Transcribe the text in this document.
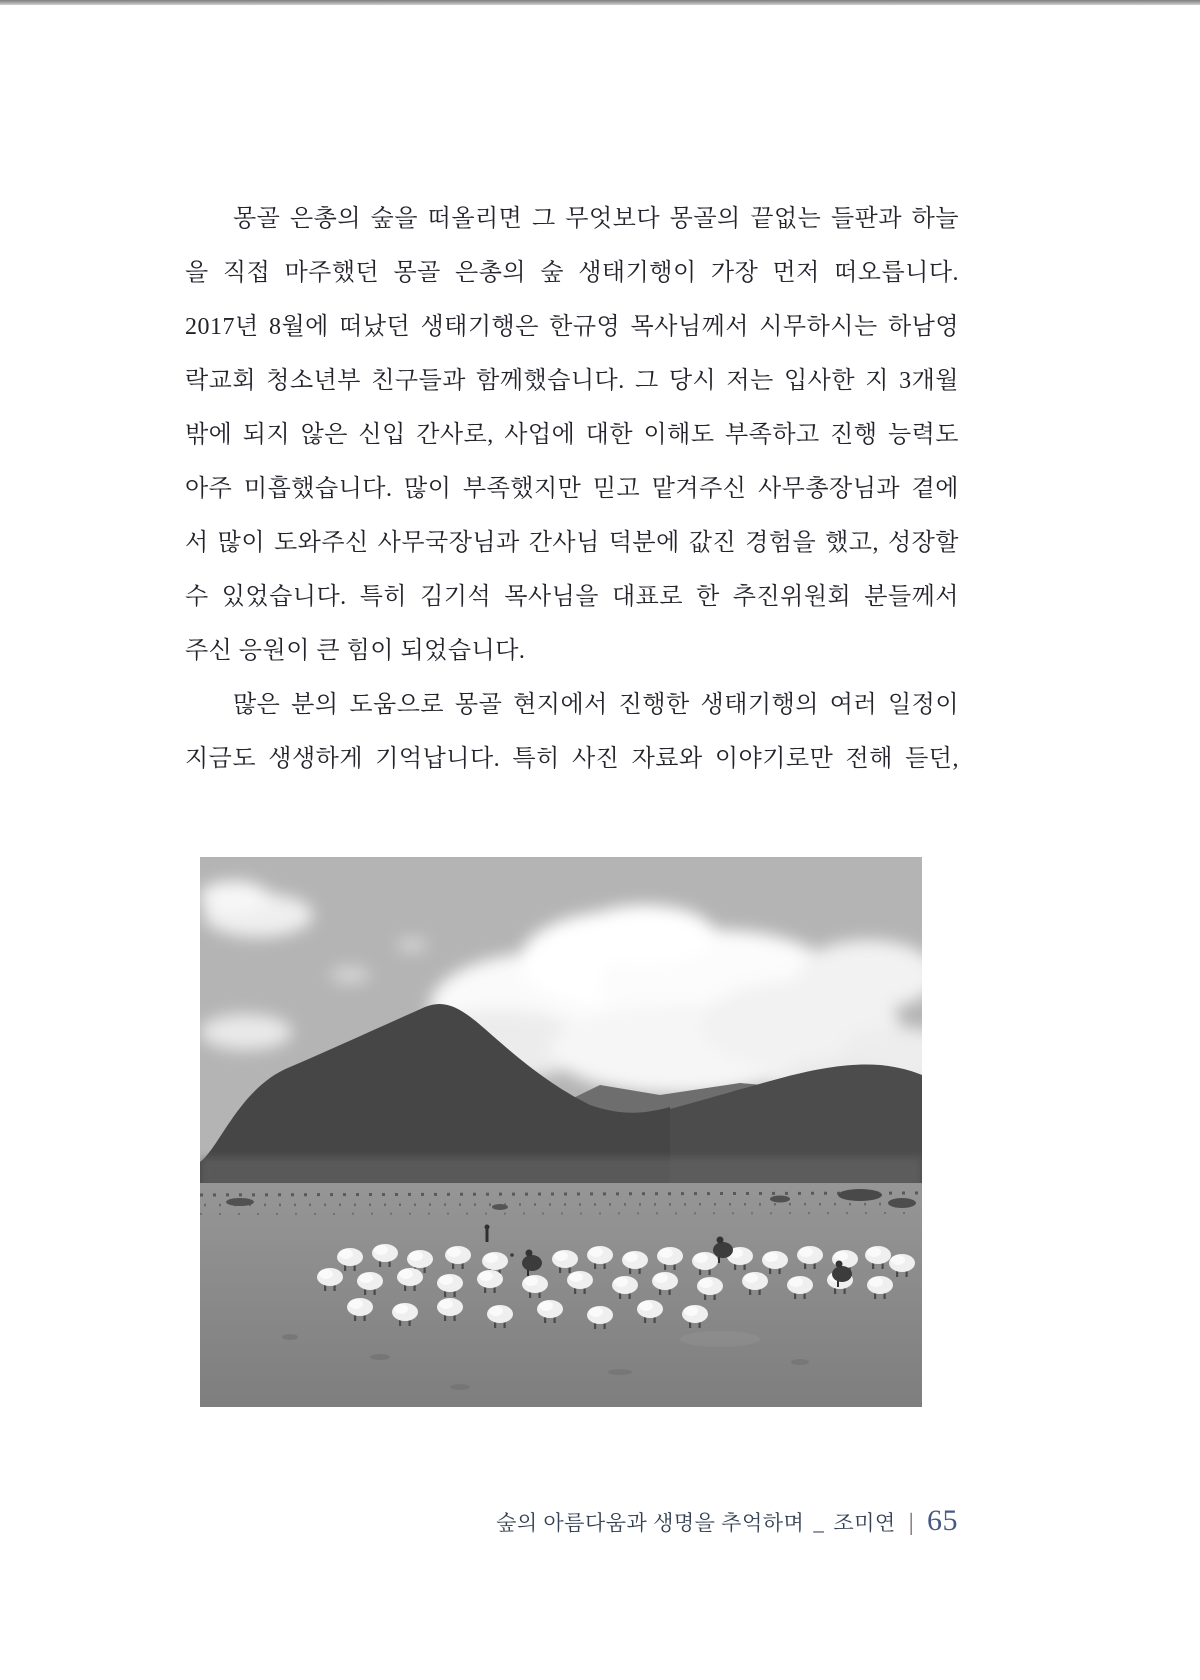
몽골 은총의 숲을 떠올리면 그 무엇보다 몽골의 끝없는 들판과 하늘
을 직접 마주했던 몽골 은총의 숲 생태기행이 가장 먼저 떠오릅니다.
2017년 8월에 떠났던 생태기행은 한규영 목사님께서 시무하시는 하남영
락교회 청소년부 친구들과 함께했습니다. 그 당시 저는 입사한 지 3개월
밖에 되지 않은 신입 간사로, 사업에 대한 이해도 부족하고 진행 능력도
아주 미흡했습니다. 많이 부족했지만 믿고 맡겨주신 사무총장님과 곁에
서 많이 도와주신 사무국장님과 간사님 덕분에 값진 경험을 했고, 성장할
수 있었습니다. 특히 김기석 목사님을 대표로 한 추진위원회 분들께서
주신 응원이 큰 힘이 되었습니다.
많은 분의 도움으로 몽골 현지에서 진행한 생태기행의 여러 일정이
지금도 생생하게 기억납니다. 특히 사진 자료와 이야기로만 전해 듣던,
숲의 아름다움과 생명을 추억하며 _ 조미연 | 65
